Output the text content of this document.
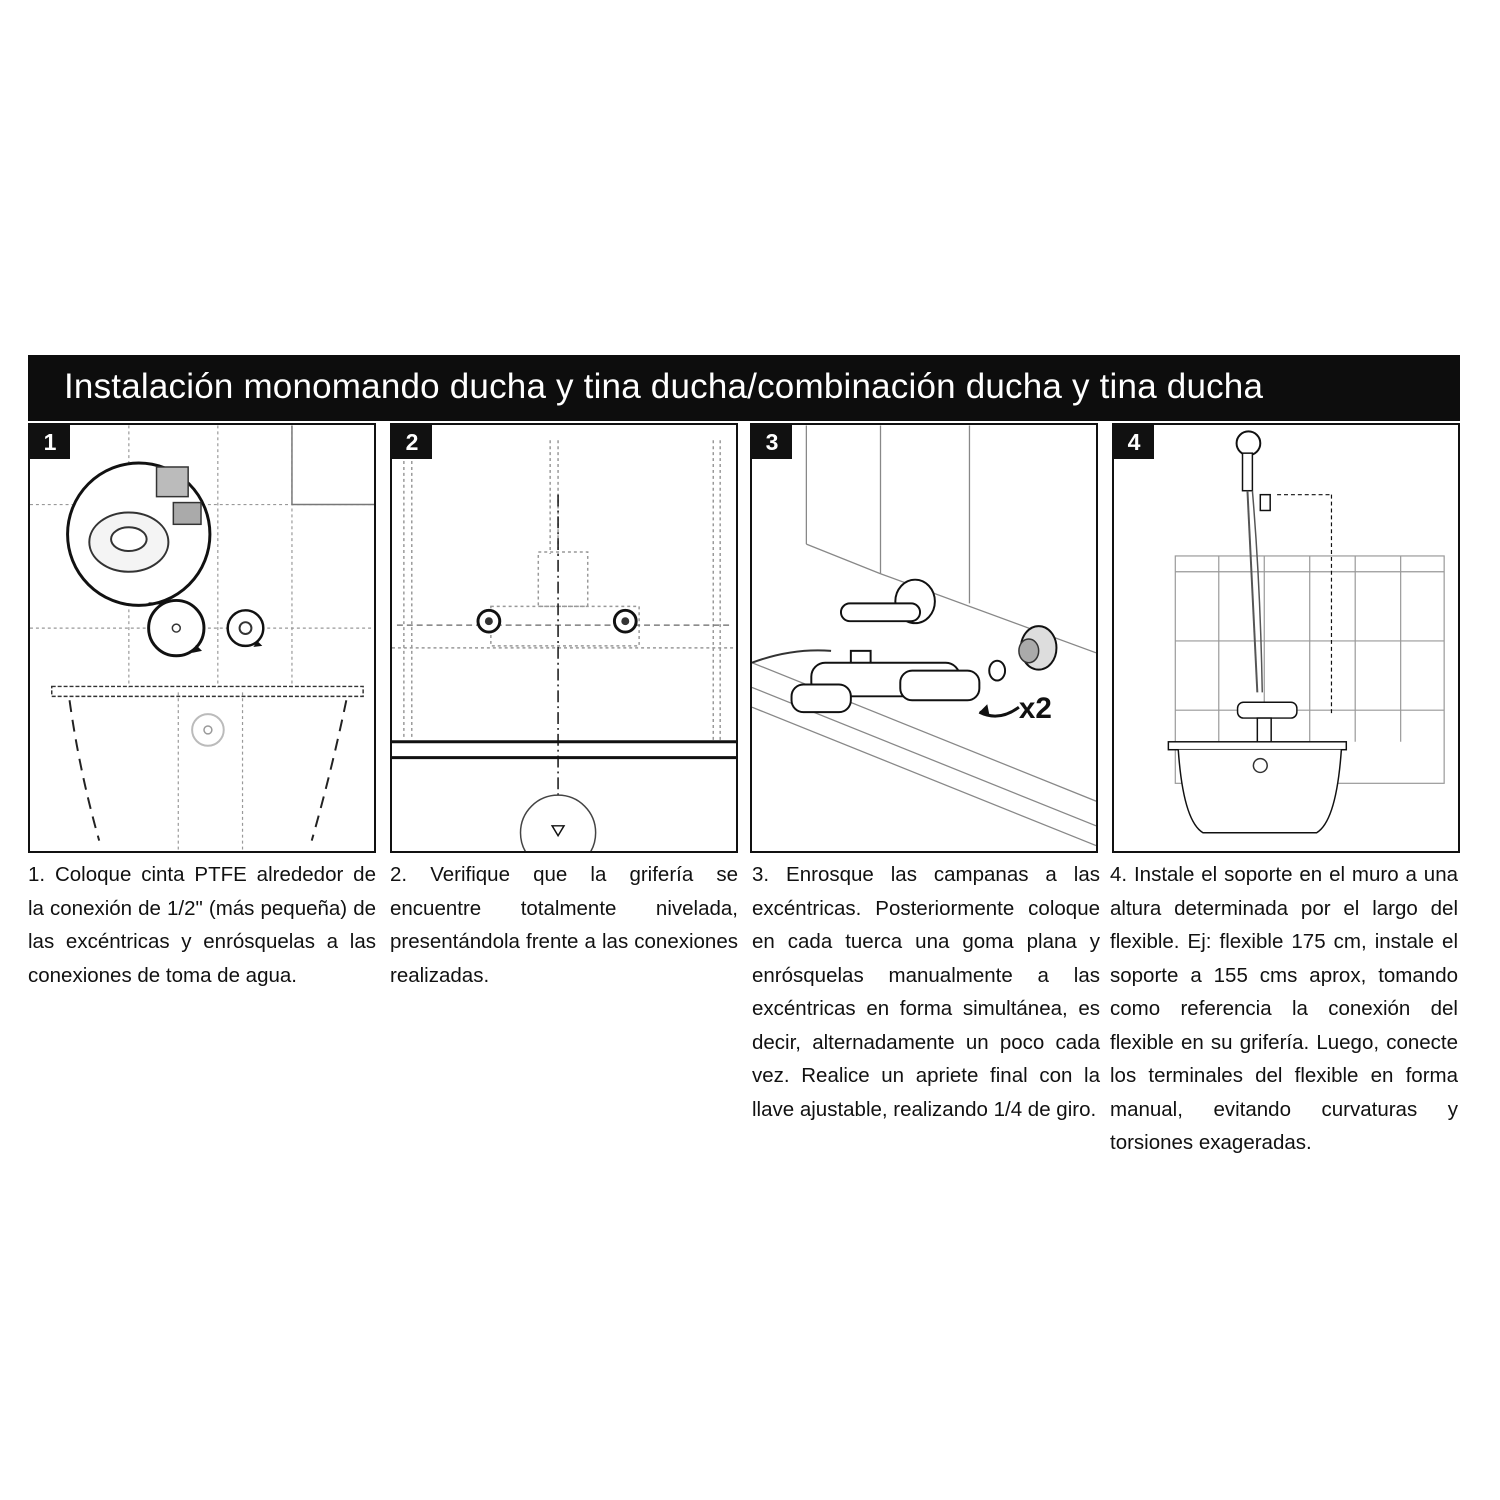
Instalación monomando ducha y tina ducha/combinación ducha y tina ducha
1	2	3
x2
4
1. Coloque cinta PTFE alrededor de la conexión de 1/2" (más pequeña) de las excéntricas y enrósquelas a las conexiones de toma de agua.
2. Verifique que la grifería se encuentre totalmente nivelada, presentándola frente a las conexiones realizadas.
3. Enrosque las campanas a las excéntricas. Posteriormente coloque en cada tuerca una goma plana y enrósquelas manualmente a las excéntricas en forma simultánea, es decir, alternadamente un poco cada vez. Realice un apriete final con la llave ajustable, realizando 1/4 de giro.
4. Instale el soporte en el muro a una altura determinada por el largo del flexible. Ej: flexible 175 cm, instale el soporte a 155 cms aprox, tomando como referencia la conexión del flexible en su grifería. Luego, conecte los terminales del flexible en forma manual, evitando curvaturas y torsiones exageradas.
